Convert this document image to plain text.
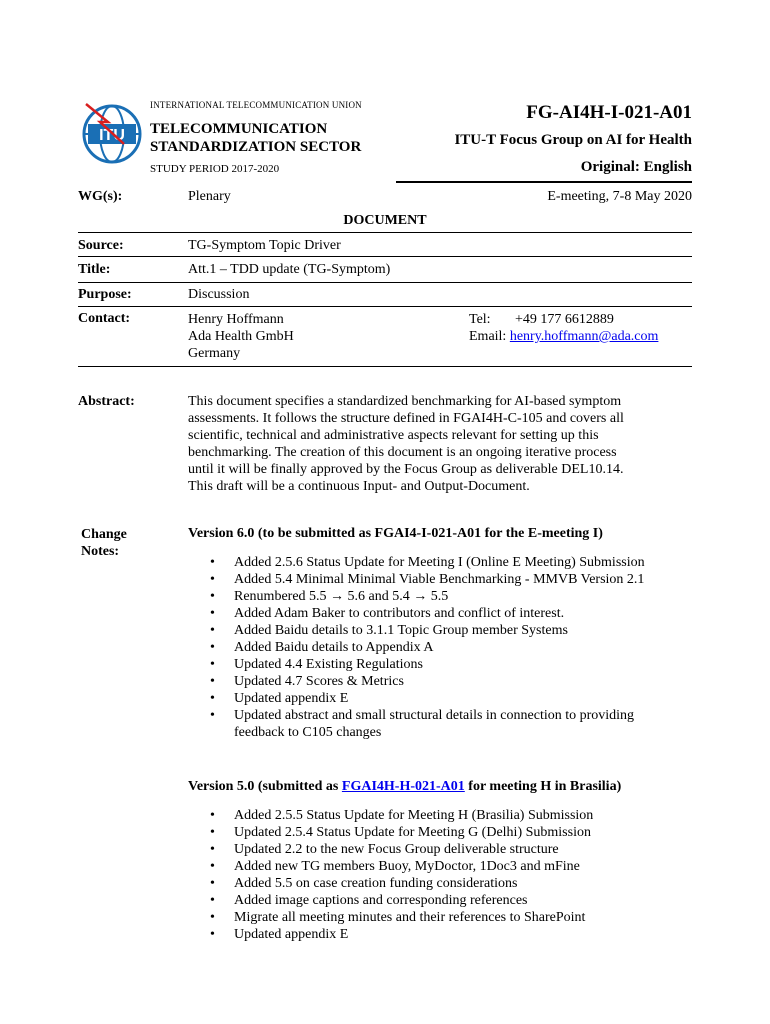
ITU
INTERNATIONAL TELECOMMUNICATION UNION
TELECOMMUNICATION
STANDARDIZATION SECTOR
STUDY PERIOD 2017-2020
FG-AI4H-I-021-A01
ITU-T Focus Group on AI for Health
Original: English
WG(s):	Plenary	E-meeting, 7-8 May 2020
DOCUMENT
Source:	TG-Symptom Topic Driver
Title:	Att.1 – TDD update (TG-Symptom)
Purpose:	Discussion
Contact:	Henry Hoffmann
Ada Health GmbH
Germany
Tel: +49 177 6612889
Email: henry.hoffmann@ada.com
Abstract:	This document specifies a standardized benchmarking for AI-based symptom
assessments. It follows the structure defined in FGAI4H-C-105 and covers all
scientific, technical and administrative aspects relevant for setting up this
benchmarking. The creation of this document is an ongoing iterative process
until it will be finally approved by the Focus Group as deliverable DEL10.14.
This draft will be a continuous Input- and Output-Document.
Change
Notes:
Version 6.0 (to be submitted as FGAI4-I-021-A01 for the E-meeting I)
• Added 2.5.6 Status Update for Meeting I (Online E Meeting) Submission
• Added 5.4 Minimal Minimal Viable Benchmarking - MMVB Version 2.1
• Renumbered 5.5 → 5.6 and 5.4 → 5.5
• Added Adam Baker to contributors and conflict of interest.
• Added Baidu details to 3.1.1 Topic Group member Systems
• Added Baidu details to Appendix A
• Updated 4.4 Existing Regulations
• Updated 4.7 Scores & Metrics
• Updated appendix E
• Updated abstract and small structural details in connection to providing feedback to C105 changes
Version 5.0 (submitted as FGAI4H-H-021-A01 for meeting H in Brasilia)
• Added 2.5.5 Status Update for Meeting H (Brasilia) Submission
• Updated 2.5.4 Status Update for Meeting G (Delhi) Submission
• Updated 2.2 to the new Focus Group deliverable structure
• Added new TG members Buoy, MyDoctor, 1Doc3 and mFine
• Added 5.5 on case creation funding considerations
• Added image captions and corresponding references
• Migrate all meeting minutes and their references to SharePoint
• Updated appendix E
